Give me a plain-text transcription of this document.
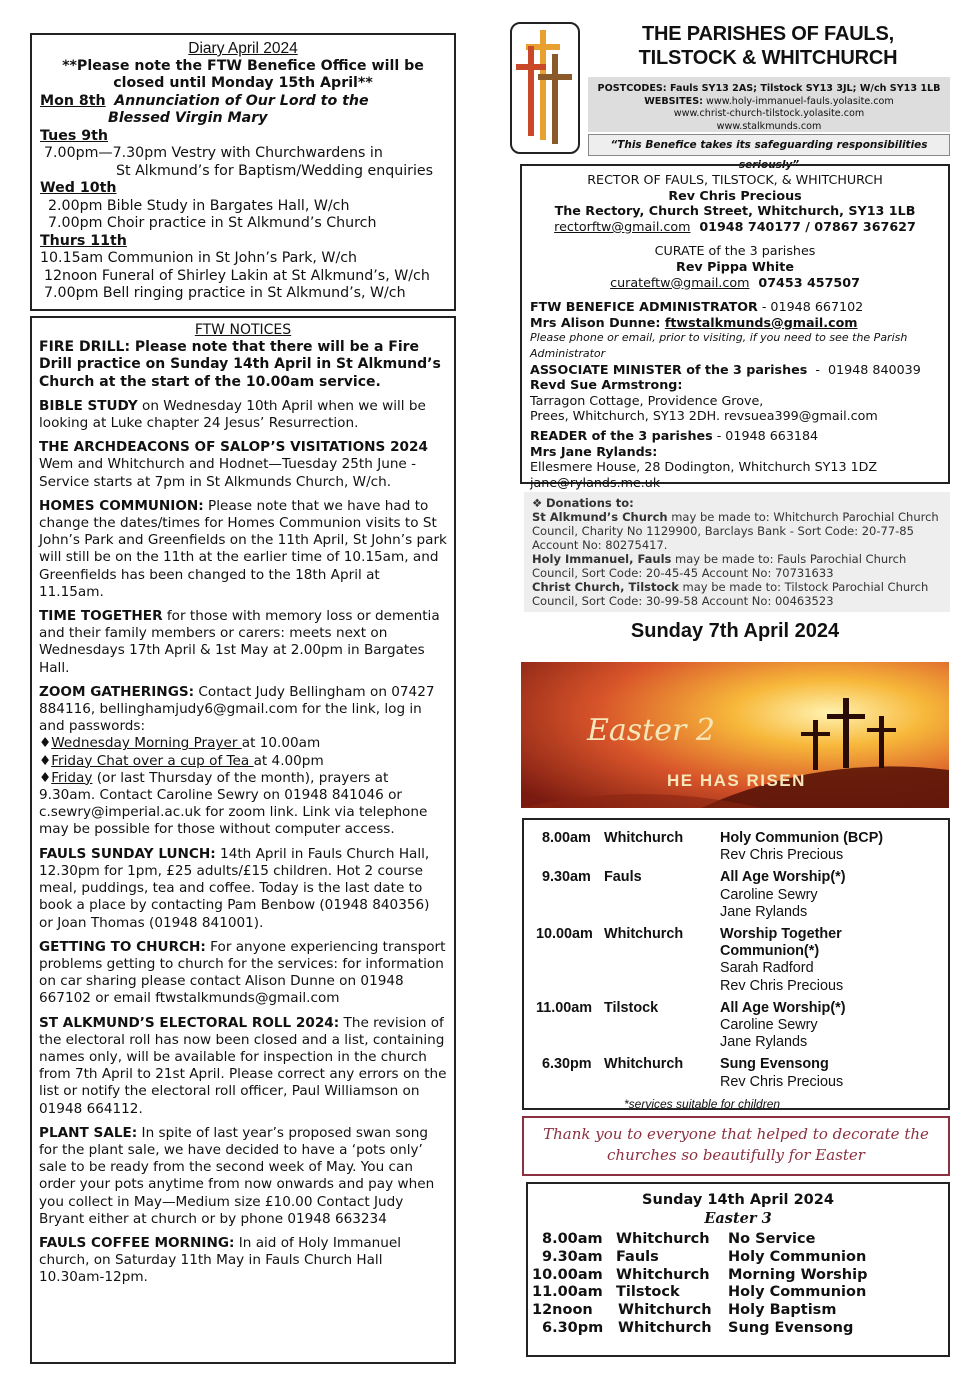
Diary April 2024
**Please note the FTW Benefice Office will be closed until Monday 15th April**
Mon 8th Annunciation of Our Lord to the
Blessed Virgin Mary
Tues 9th
7.00pm—7.30pm Vestry with Churchwardens in
St Alkmund’s for Baptism/Wedding enquiries
Wed 10th
2.00pm Bible Study in Bargates Hall, W/ch
7.00pm Choir practice in St Alkmund’s Church
Thurs 11th
10.15am Communion in St John’s Park, W/ch
12noon Funeral of Shirley Lakin at St Alkmund’s, W/ch
7.00pm Bell ringing practice in St Alkmund’s, W/ch
FTW NOTICES

FIRE DRILL: Please note that there will be a Fire Drill practice on Sunday 14th April in St Alkmund’s Church at the start of the 10.00am service.

BIBLE STUDY on Wednesday 10th April when we will be looking at Luke chapter 24 Jesus’ Resurrection.

THE ARCHDEACONS OF SALOP’S VISITATIONS 2024 Wem and Whitchurch and Hodnet—Tuesday 25th June - Service starts at 7pm in St Alkmunds Church, W/ch.

HOMES COMMUNION: Please note that we have had to change the dates/times for Homes Communion visits to St John’s Park and Greenfields on the 11th April, St John’s park will still be on the 11th at the earlier time of 10.15am, and Greenfields has been changed to the 18th April at 11.15am.

TIME TOGETHER for those with memory loss or dementia and their family members or carers: meets next on Wednesdays 17th April & 1st May at 2.00pm in Bargates Hall.

ZOOM GATHERINGS: Contact Judy Bellingham on 07427 884116, bellinghamjudy6@gmail.com for the link, log in and passwords:

♦Wednesday Morning Prayer at 10.00am
♦Friday Chat over a cup of Tea at 4.00pm

♦Friday (or last Thursday of the month), prayers at 9.30am. Contact Caroline Sewry on 01948 841046 or c.sewry@imperial.ac.uk for zoom link. Link via telephone may be possible for those without computer access.

FAULS SUNDAY LUNCH: 14th April in Fauls Church Hall, 12.30pm for 1pm, £25 adults/£15 children. Hot 2 course meal, puddings, tea and coffee. Today is the last date to book a place by contacting Pam Benbow (01948 840356) or Joan Thomas (01948 841001).

GETTING TO CHURCH: For anyone experiencing transport problems getting to church for the services: for information on car sharing please contact Alison Dunne on 01948 667102 or email ftwstalkmunds@gmail.com

ST ALKMUND’S ELECTORAL ROLL 2024: The revision of the electoral roll has now been closed and a list, containing names only, will be available for inspection in the church from 7th April to 21st April. Please correct any errors on the list or notify the electoral roll officer, Paul Williamson on 01948 664112.

PLANT SALE: In spite of last year’s proposed swan song for the plant sale, we have decided to have a ‘pots only’ sale to be ready from the second week of May. You can order your pots anytime from now onwards and pay when you collect in May—Medium size £10.00 Contact Judy Bryant either at church or by phone 01948 663234

FAULS COFFEE MORNING: In aid of Holy Immanuel church, on Saturday 11th May in Fauls Church Hall 10.30am-12pm.

THE PARISHES OF FAULS,
TILSTOCK & WHITCHURCH
POSTCODES: Fauls SY13 2AS; Tilstock SY13 3JL; W/ch SY13 1LB
WEBSITES: www.holy-immanuel-fauls.yolasite.com
www.christ-church-tilstock.yolasite.com
www.stalkmunds.com
“This Benefice takes its safeguarding responsibilities seriously”
RECTOR OF FAULS, TILSTOCK, & WHITCHURCH
Rev Chris Precious
The Rectory, Church Street, Whitchurch, SY13 1LB
rectorftw@gmail.com  01948 740177 / 07867 367627
CURATE of the 3 parishes
Rev Pippa White
curateftw@gmail.com  07453 457507
FTW BENEFICE ADMINISTRATOR - 01948 667102
Mrs Alison Dunne: ftwstalkmunds@gmail.com
Please phone or email, prior to visiting, if you need to see the Parish Administrator
ASSOCIATE MINISTER of the 3 parishes  -  01948 840039
Revd Sue Armstrong:
Tarragon Cottage, Providence Grove,
Prees, Whitchurch, SY13 2DH. revsuea399@gmail.com
READER of the 3 parishes - 01948 663184
Mrs Jane Rylands:
Ellesmere House, 28 Dodington, Whitchurch SY13 1DZ
jane@rylands.me.uk
❖ Donations to:
St Alkmund’s Church may be made to: Whitchurch Parochial Church Council, Charity No 1129900, Barclays Bank - Sort Code: 20-77-85 Account No: 80275417.
Holy Immanuel, Fauls may be made to: Fauls Parochial Church Council, Sort Code: 20-45-45 Account No: 70731633
Christ Church, Tilstock may be made to: Tilstock Parochial Church Council, Sort Code: 30-99-58 Account No: 00463523
Sunday 7th April 2024
Easter 2
HE HAS RISEN
8.00am Whitchurch	Holy Communion (BCP)
Rev Chris Precious
9.30am Fauls	All Age Worship(*)
Caroline Sewry
Jane Rylands
10.00am Whitchurch	Worship Together Communion(*)
Sarah Radford
Rev Chris Precious
11.00am Tilstock	All Age Worship(*)
Caroline Sewry
Jane Rylands
6.30pm Whitchurch	Sung Evensong
Rev Chris Precious
*services suitable for children
Thank you to everyone that helped to decorate the churches so beautifully for Easter
Sunday 14th April 2024
Easter 3
8.00am Whitchurch No Service
9.30am Fauls	Holy Communion
10.00am Whitchurch Morning Worship
11.00am Tilstock	Holy Communion
12noon Whitchurch Holy Baptism
6.30pm Whitchurch Sung Evensong
